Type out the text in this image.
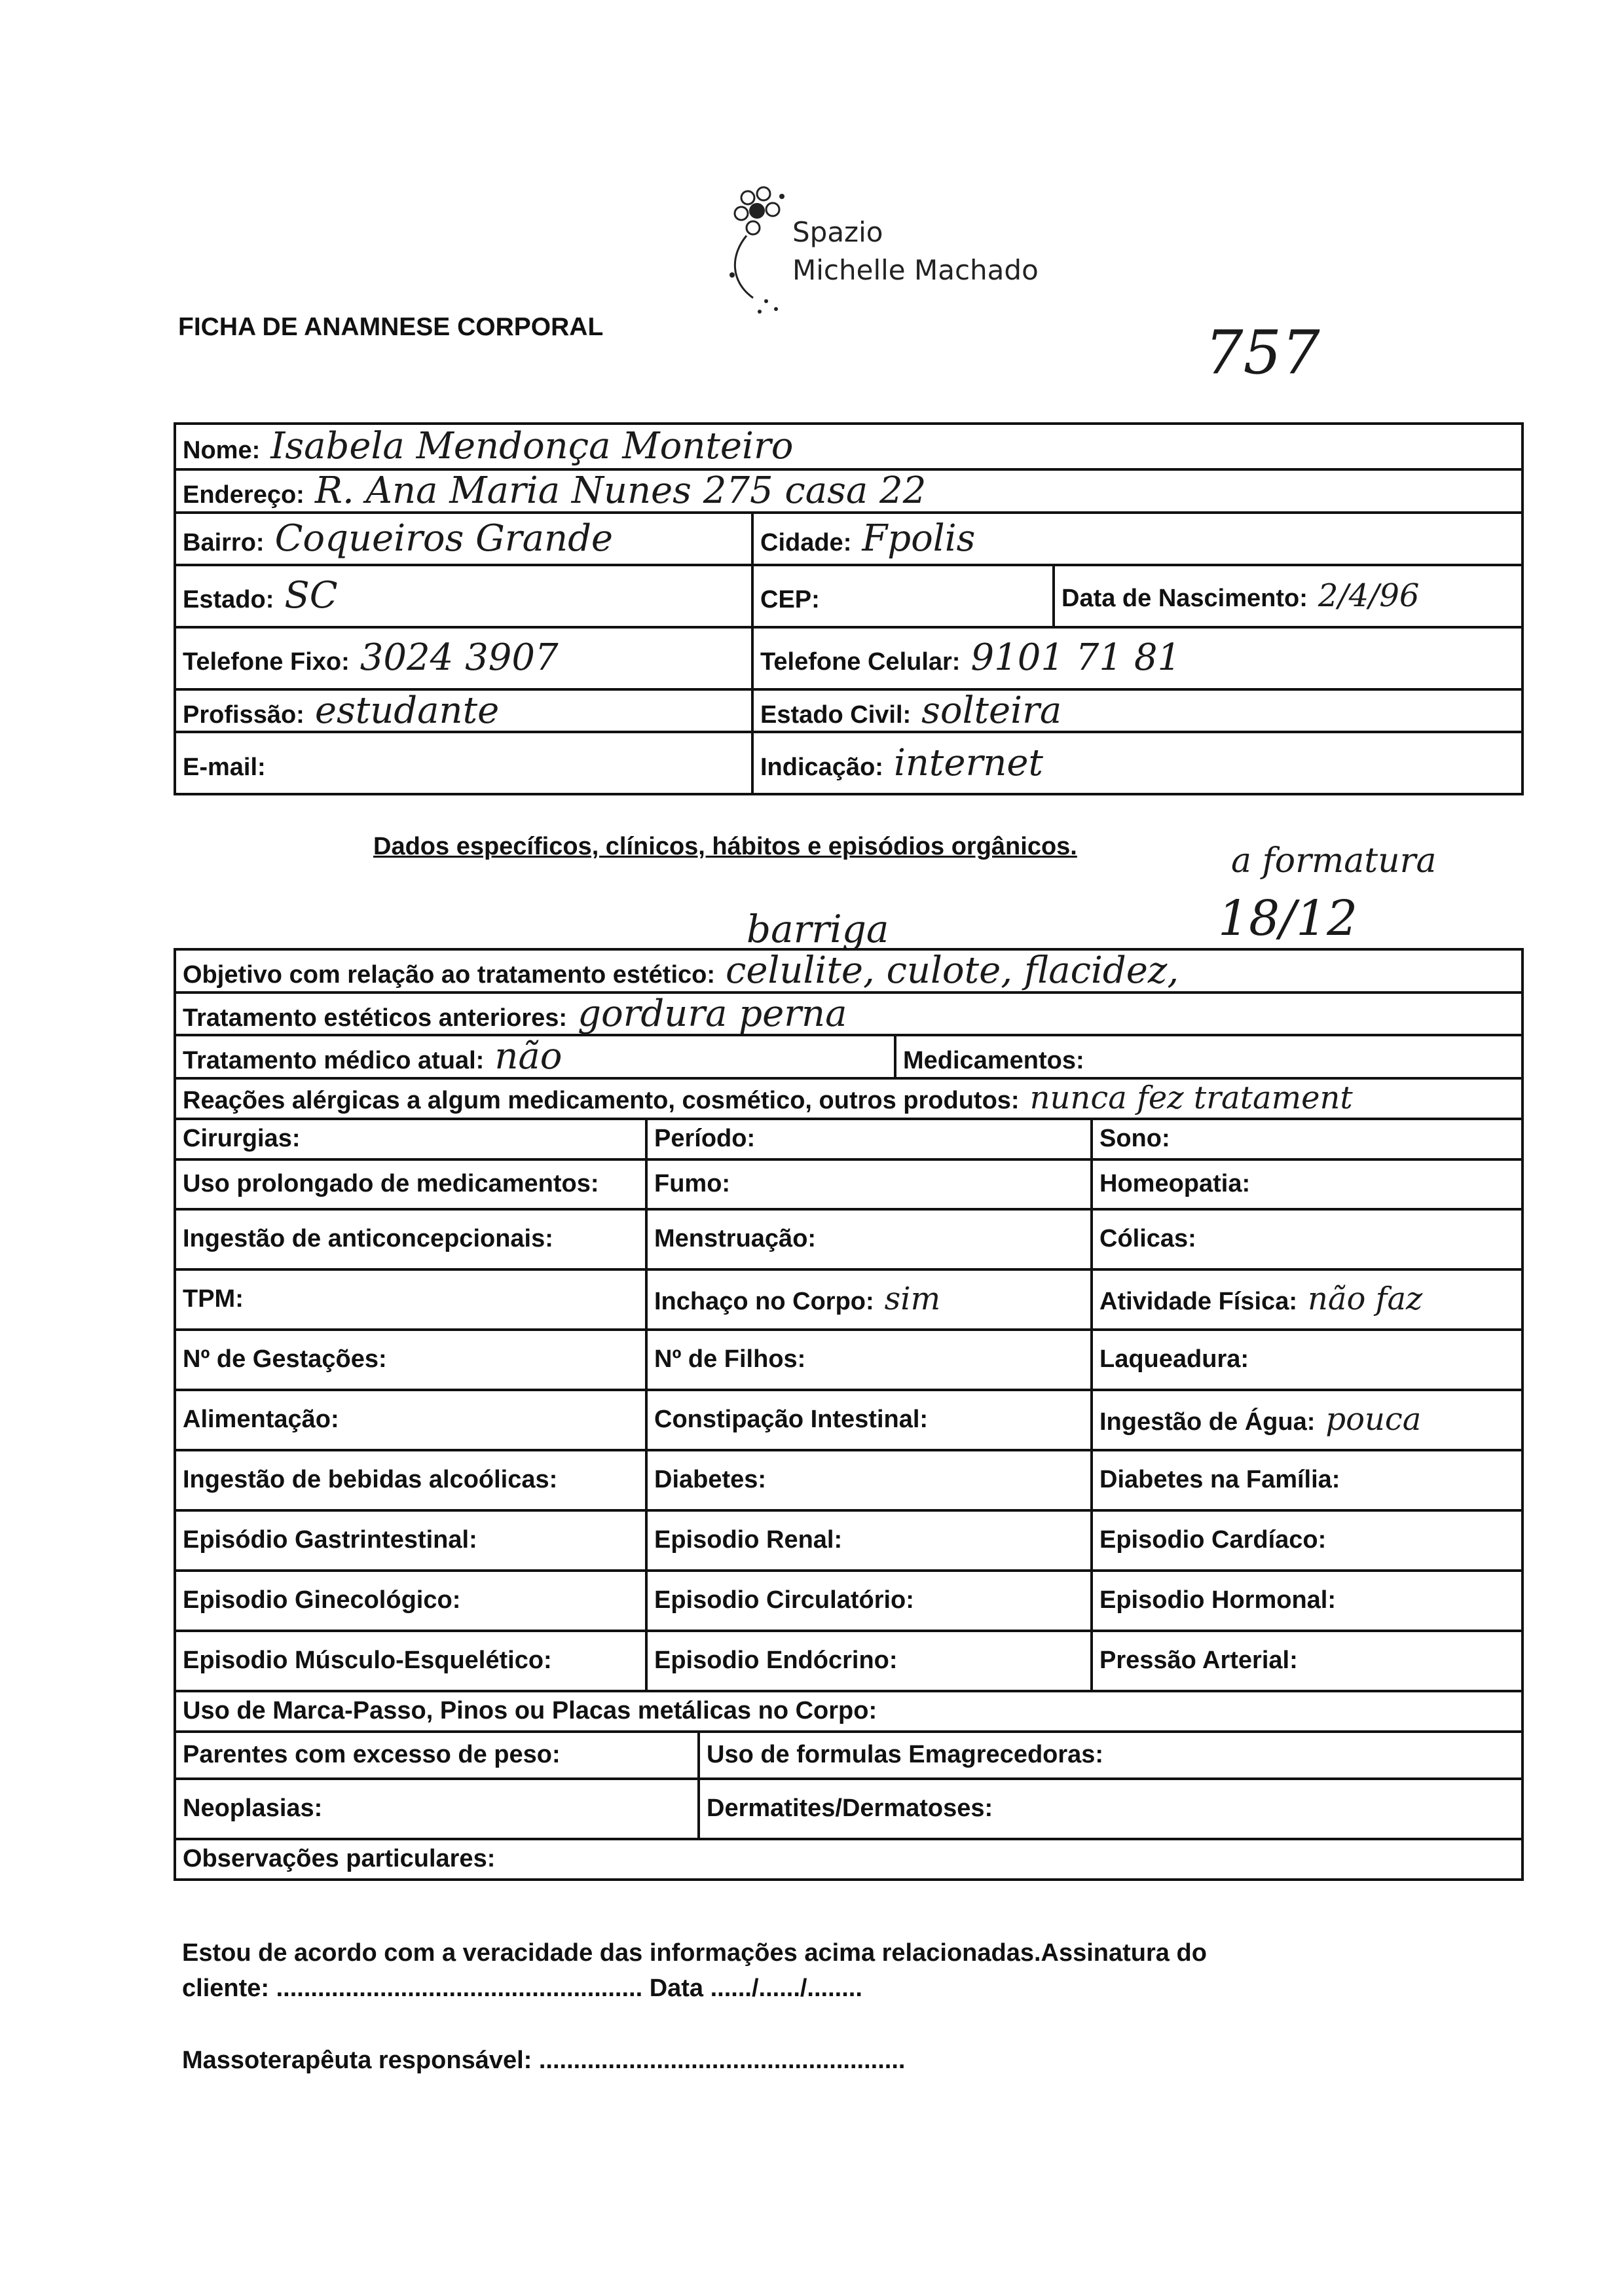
Spazio
Michelle Machado
FICHA DE ANAMNESE CORPORAL	757
Nome: Isabela Mendonça Monteiro		
Endereço: R. Ana Maria Nunes 275 casa 22		
Bairro: Coqueiros Grande	Cidade: Fpolis	
Estado: SC	CEP:	Data de Nascimento: 2/4/96
Telefone Fixo: 3024 3907	Telefone Celular: 9101 71 81	
Profissão: estudante	Estado Civil: solteira	
E-mail:	Indicação: internet	
Dados específicos, clínicos, hábitos e episódios orgânicos.	a formatura
18/12
barriga
Objetivo com relação ao tratamento estético: celulite, culote, flacidez,				
Tratamento estéticos anteriores: gordura perna				
Tratamento médico atual: não			Medicamentos:	
Reações alérgicas a algum medicamento, cosmético, outros produtos: nunca fez tratament				
Cirurgias:	Período:			Sono:
Uso prolongado de medicamentos:	Fumo:			Homeopatia:
Ingestão de anticoncepcionais:	Menstruação:			Cólicas:
TPM:	Inchaço no Corpo: sim			Atividade Física: não faz
Nº de Gestações:	Nº de Filhos:			Laqueadura:
Alimentação:	Constipação Intestinal:			Ingestão de Água: pouca
Ingestão de bebidas alcoólicas:	Diabetes:			Diabetes na Família:
Episódio Gastrintestinal:	Episodio Renal:			Episodio Cardíaco:
Episodio Ginecológico:	Episodio Circulatório:			Episodio Hormonal:
Episodio Músculo-Esquelético:	Episodio Endócrino:			Pressão Arterial:
Uso de Marca-Passo, Pinos ou Placas metálicas no Corpo:				
Parentes com excesso de peso:		Uso de formulas Emagrecedoras:		
Neoplasias:		Dermatites/Dermatoses:		
Observações particulares:				
Estou de acordo com a veracidade das informações acima relacionadas.Assinatura do
cliente: ..................................................... Data ....../....../........
Massoterapêuta responsável: .....................................................
